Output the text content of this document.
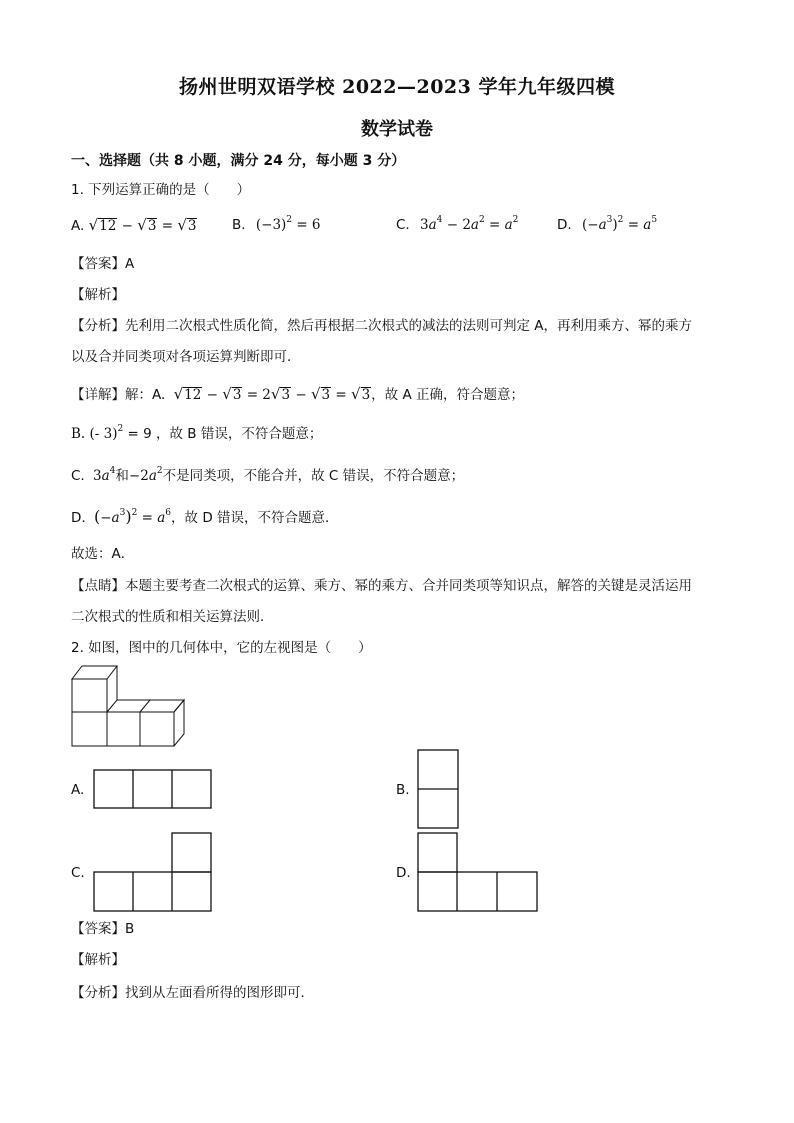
扬州世明双语学校 2022—2023 学年九年级四模
数学试卷
一、选择题（共 8 小题，满分 24 分，每小题 3 分）
1. 下列运算正确的是（　　）
A. √12 − √3 = √3	B. $(-3)^2 = 6$	C. $3a^4 - 2a^2 = a^2$	D. $(-a^3)^2 = a^5$
【答案】A
【解析】
【分析】先利用二次根式性质化简，然后再根据二次根式的减法的法则可判定 A，再利用乘方、幂的乘方
以及合并同类项对各项运算判断即可．
【详解】解：A. √12 − √3 = 2√3 − √3 = √3，故 A 正确，符合题意；
B. (- 3)$^2$ = 9 ，故 B 错误，不符合题意；
C. $3a^4$和$-2a^2$不是同类项，不能合并，故 C 错误，不符合题意；
D. $(-a^3)^2 = a^6$，故 D 错误，不符合题意．
故选：A．
【点睛】本题主要考查二次根式的运算、乘方、幂的乘方、合并同类项等知识点，解答的关键是灵活运用
二次根式的性质和相关运算法则．
2. 如图，图中的几何体中，它的左视图是（　　）
A.	B.
C.	D.
【答案】B
【解析】
【分析】找到从左面看所得的图形即可．
